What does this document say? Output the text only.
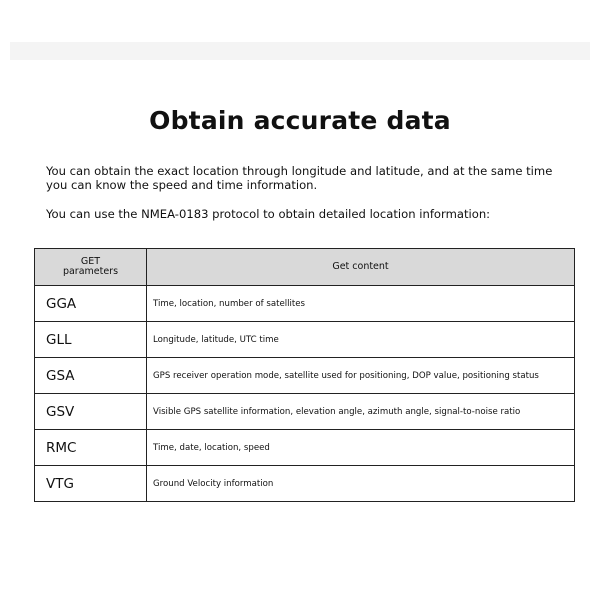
Obtain accurate data

You can obtain the exact location through longitude and latitude, and at the same time you can know the speed and time information.

You can use the NMEA-0183 protocol to obtain detailed location information:

GET
parameters	Get content
GGA	Time, location, number of satellites
GLL	Longitude, latitude, UTC time
GSA	GPS receiver operation mode, satellite used for positioning, DOP value, positioning status
GSV	Visible GPS satellite information, elevation angle, azimuth angle, signal-to-noise ratio
RMC	Time, date, location, speed
VTG	Ground Velocity information
